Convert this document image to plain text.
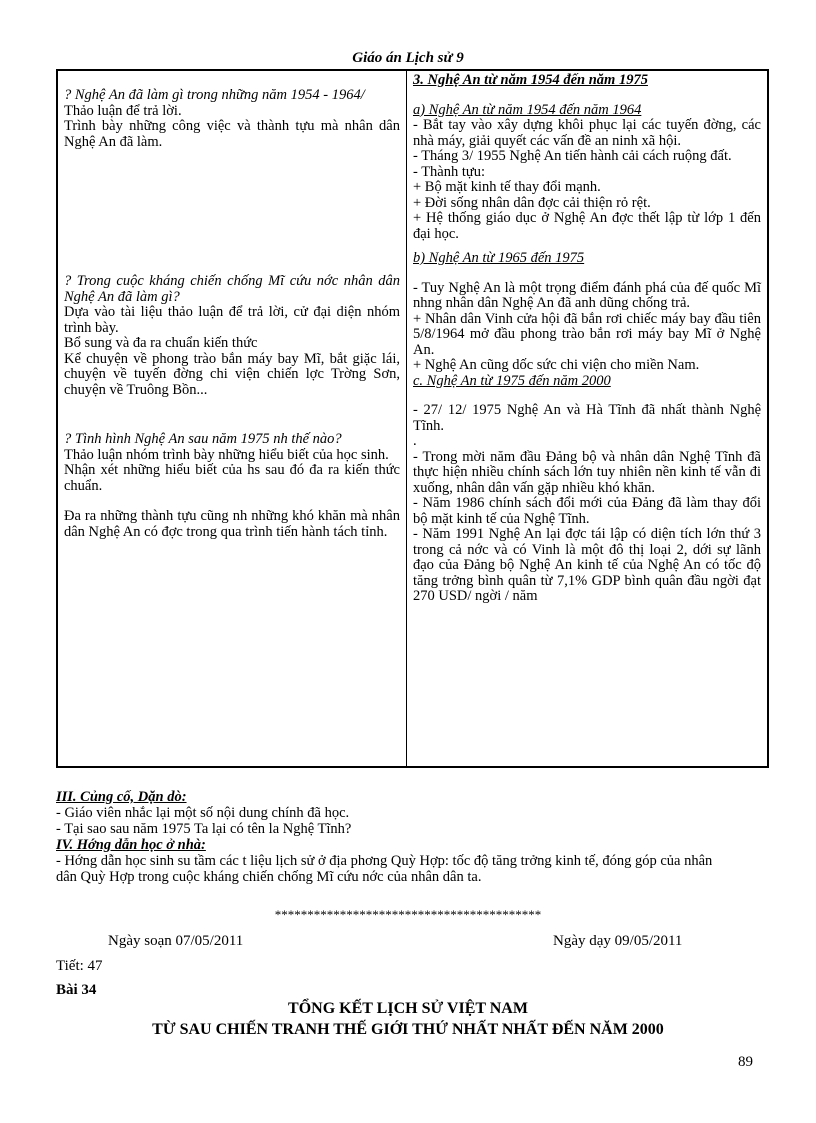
Giáo án Lịch sử 9

? Nghệ An đã làm gì trong những năm 1954 - 1964/

Thảo luận để trả lời.

Trình bày những công việc và thành tựu mà nhân dân Nghệ An đã làm.

? Trong cuộc kháng chiến chống Mĩ cứu nớc nhân dân Nghệ An đã làm gì?

Dựa vào tài liệu thảo luận để trả lời, cử đại diện nhóm trình bày.

Bổ sung và đa ra chuẩn kiến thức

Kể chuyện về phong trào bắn máy bay Mĩ, bắt giặc lái, chuyện về tuyến đờng chi viện chiến lợc Trờng Sơn, chuyện về Truông Bồn...

? Tình hình Nghệ An sau năm 1975 nh thế nào?

Thảo luận nhóm trình bày những hiểu biết của học sinh.

Nhận xét những hiểu biết của hs sau đó đa ra kiến thức chuẩn.

Đa ra những thành tựu cũng nh những khó khăn mà nhân dân Nghệ An có đợc trong qua trình tiến hành tách tỉnh.

3. Nghệ An từ năm 1954 đến năm 1975

a) Nghệ An từ năm 1954 đến năm 1964

- Bắt tay vào xây dựng khôi phục lại các tuyến đờng, các nhà máy, giải quyết các vấn đề an ninh xã hội.

- Tháng 3/ 1955 Nghệ An tiến hành cải cách ruộng đất.

- Thành tựu:

+ Bộ mặt kinh tế thay đổi mạnh.

+ Đời sống nhân dân đợc cải thiện rỏ rệt.

+ Hệ thống giáo dục ở Nghệ An đợc thết lập từ lớp 1 đến đại học.

b) Nghệ An từ 1965 đến 1975

- Tuy Nghệ An là một trọng điểm đánh phá của đế quốc Mĩ nhng nhân dân Nghệ An đã anh dũng chống trả.

+ Nhân dân Vinh cửa hội đã bắn rơi chiếc máy bay đầu tiên 5/8/1964 mở đầu phong trào bắn rơi máy bay Mĩ ở Nghệ An.

+ Nghệ An cũng dốc sức chi viện cho miền Nam.

c. Nghệ An từ 1975 đến năm 2000

- 27/ 12/ 1975 Nghệ An và Hà Tĩnh đã nhất thành Nghệ Tĩnh.

.

- Trong mời năm đầu Đảng bộ và nhân dân Nghệ Tĩnh đã thực hiện nhiều chính sách lớn tuy nhiên nền kinh tế vẫn đi xuống, nhân dân vấn gặp nhiều khó khăn.

- Năm 1986 chính sách đổi mới của Đảng đã làm thay đổi bộ mặt kinh tế của Nghệ Tĩnh.

- Năm 1991 Nghệ An lại đợc tái lập có diện tích lớn thứ 3 trong cả nớc và có Vinh là một đô thị loại 2, dới sự lãnh đạo của Đảng bộ Nghệ An kinh tế của Nghệ An có tốc độ tăng trởng bình quân từ 7,1% GDP bình quân đầu ngời đạt 270 USD/ ngời / năm

III. Củng cố, Dặn dò:

- Giáo viên nhắc lại một số nội dung chính đã học.

- Tại sao sau năm 1975 Ta lại có tên la Nghệ Tĩnh?

IV. Hớng dẫn học ở nhà:

- Hớng dẫn học sinh su tầm các t liệu lịch sử ở địa phơng Quỳ Hợp: tốc độ tăng trởng kinh tế, đóng góp của nhân dân Quỳ Hợp trong cuộc kháng chiến chống Mĩ cứu nớc của nhân dân ta.

*****************************************
Ngày soạn 07/05/2011	Ngày dạy 09/05/2011
Tiết: 47
Bài 34
TỔNG KẾT LỊCH SỬ VIỆT NAM
TỪ SAU CHIẾN TRANH THẾ GIỚI THỨ NHẤT NHẤT ĐẾN NĂM 2000
89
